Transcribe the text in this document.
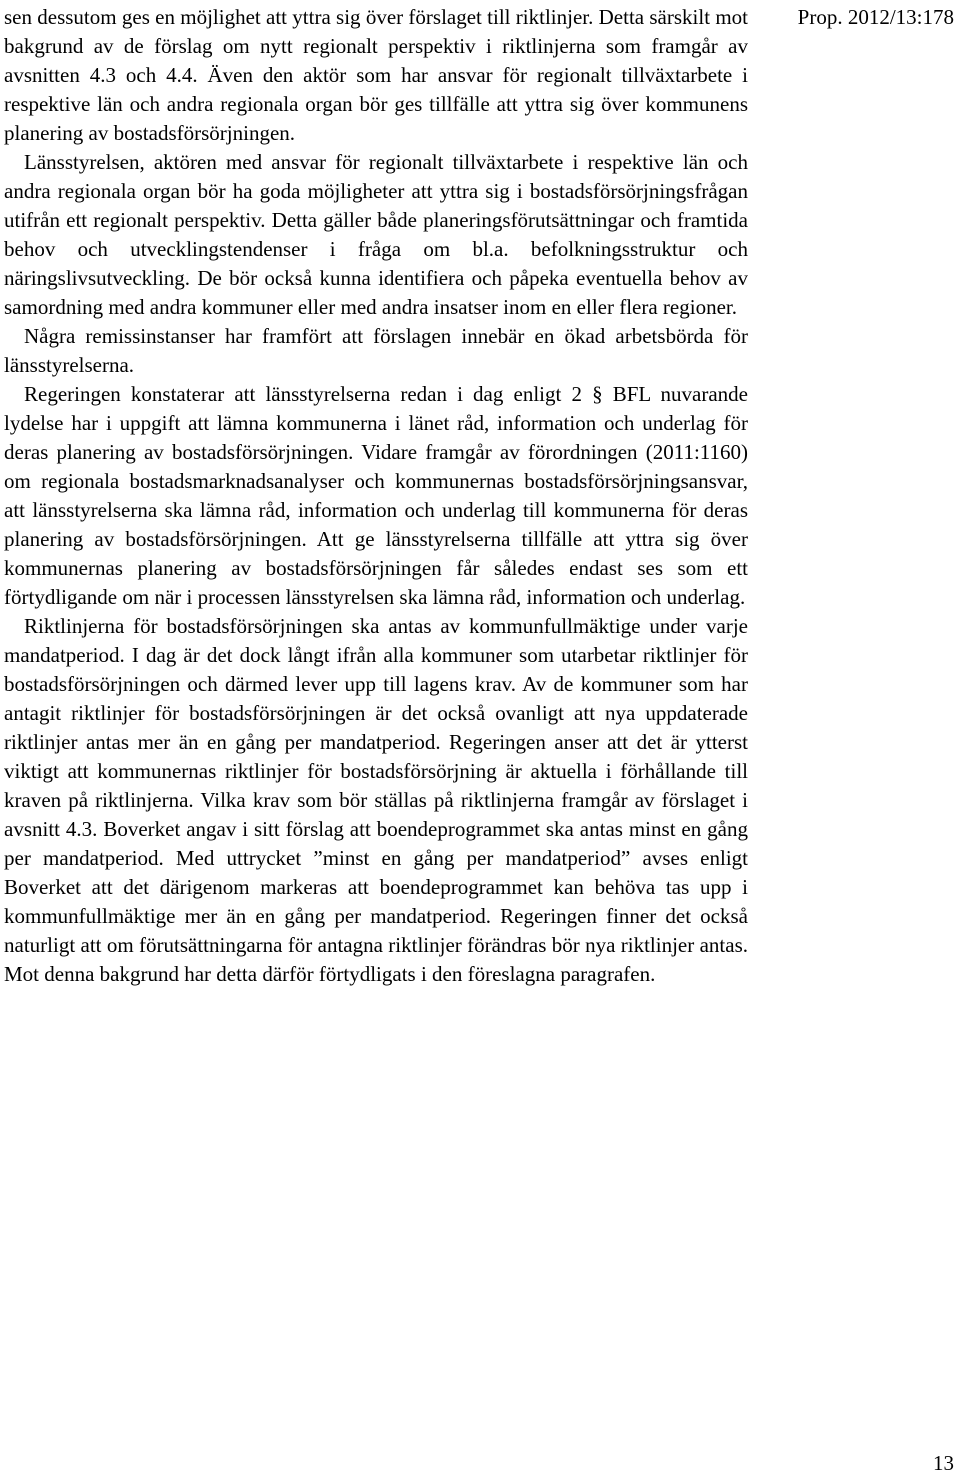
Prop. 2012/13:178

sen dessutom ges en möjlighet att yttra sig över förslaget till riktlinjer. Detta särskilt mot bakgrund av de förslag om nytt regionalt perspektiv i riktlinjerna som framgår av avsnitten 4.3 och 4.4. Även den aktör som har ansvar för regionalt tillväxtarbete i respektive län och andra regionala organ bör ges tillfälle att yttra sig över kommunens planering av bostadsförsörjningen.

Länsstyrelsen, aktören med ansvar för regionalt tillväxtarbete i respektive län och andra regionala organ bör ha goda möjligheter att yttra sig i bostadsförsörjningsfrågan utifrån ett regionalt perspektiv. Detta gäller både planeringsförutsättningar och framtida behov och utvecklingstendenser i fråga om bl.a. befolkningsstruktur och näringslivsutveckling. De bör också kunna identifiera och påpeka eventuella behov av samordning med andra kommuner eller med andra insatser inom en eller flera regioner.

Några remissinstanser har framfört att förslagen innebär en ökad arbetsbörda för länsstyrelserna.

Regeringen konstaterar att länsstyrelserna redan i dag enligt 2 § BFL nuvarande lydelse har i uppgift att lämna kommunerna i länet råd, information och underlag för deras planering av bostadsförsörjningen. Vidare framgår av förordningen (2011:1160) om regionala bostadsmarknadsanalyser och kommunernas bostadsförsörjningsansvar, att länsstyrelserna ska lämna råd, information och underlag till kommunerna för deras planering av bostadsförsörjningen. Att ge länsstyrelserna tillfälle att yttra sig över kommunernas planering av bostadsförsörjningen får således endast ses som ett förtydligande om när i processen länsstyrelsen ska lämna råd, information och underlag.

Riktlinjerna för bostadsförsörjningen ska antas av kommunfullmäktige under varje mandatperiod. I dag är det dock långt ifrån alla kommuner som utarbetar riktlinjer för bostadsförsörjningen och därmed lever upp till lagens krav. Av de kommuner som har antagit riktlinjer för bostadsförsörjningen är det också ovanligt att nya uppdaterade riktlinjer antas mer än en gång per mandatperiod. Regeringen anser att det är ytterst viktigt att kommunernas riktlinjer för bostadsförsörjning är aktuella i förhållande till kraven på riktlinjerna. Vilka krav som bör ställas på riktlinjerna framgår av förslaget i avsnitt 4.3. Boverket angav i sitt förslag att boendeprogrammet ska antas minst en gång per mandatperiod. Med uttrycket ”minst en gång per mandatperiod” avses enligt Boverket att det därigenom markeras att boendeprogrammet kan behöva tas upp i kommunfullmäktige mer än en gång per mandatperiod. Regeringen finner det också naturligt att om förutsättningarna för antagna riktlinjer förändras bör nya riktlinjer antas. Mot denna bakgrund har detta därför förtydligats i den föreslagna paragrafen.

13
